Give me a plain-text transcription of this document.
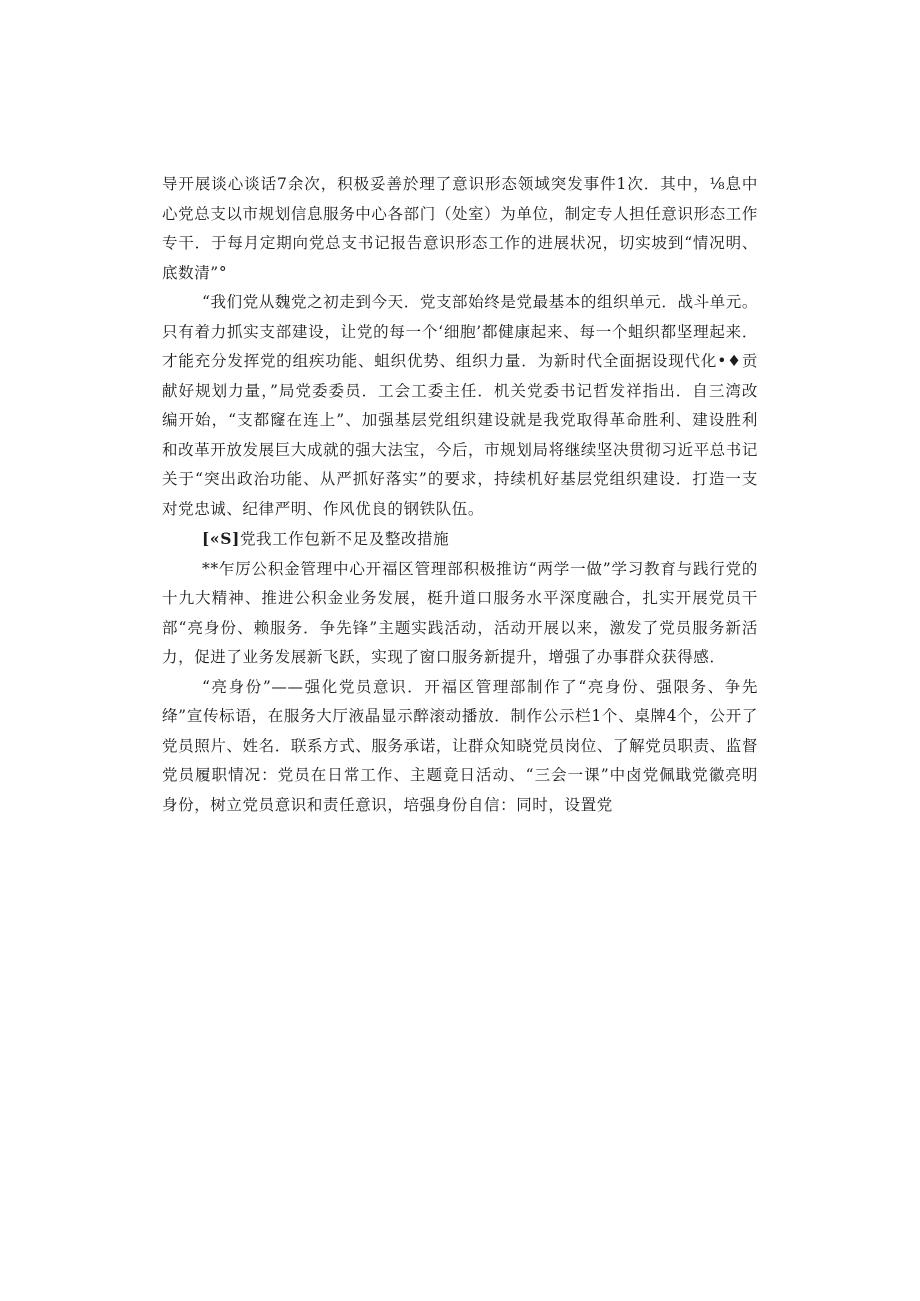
导开展谈心谈话7余次，积极妥善於理了意识形态领域突发事件1次．其中，⅛息中心党总支以市规划信息服务中心各部门（处室）为单位，制定专人担任意识形态工作专干．于每月定期向党总支书记报告意识形态工作的进展状况，切实坡到“情况明、底数清”°

“我们党从魏党之初走到今天．党支部始终是党最基本的组织单元．战斗单元。只有着力抓实支部建设，让党的每一个‘细胞’都健康起来、每一个蛆织都坚理起来．才能充分发挥党的组疾功能、蛆织优势、组织力量．为新时代全面据设现代化•♦贡献好规划力量，”局党委委员．工会工委主任．机关党委书记哲发祥指出．自三湾改编开始，“支都窿在连上”、加强基层党组织建设就是我党取得革命胜利、建设胜利和改革开放发展巨大成就的强大法宝，今后，市规划局将继续坚决贯彻习近平总书记关于“突出政治功能、从严抓好落实”的要求，持续机好基层党组织建设．打造一支对党忠诚、纪律严明、作风优良的钢铁队伍。

[«S]党我工作包新不足及整改措施

**乍厉公积金管理中心开福区管理部积极推访“两学一做”学习教育与践行党的十九大精神、推进公积金业务发展，梃升道口服务水平深度融合，扎实开展党员干部“亮身份、赖服务．争先锋”主题实践活动，活动开展以来，激发了党员服务新活力，促进了业务发展新飞跃，实现了窗口服务新提升，增强了办事群众获得感．

“亮身份”——强化党员意识．开福区管理部制作了“亮身份、强限务、争先绛”宣传标语，在服务大厅液晶显示醉滚动播放．制作公示栏1个、桌牌4个，公开了党员照片、姓名．联系方式、服务承诺，让群众知晓党员岗位、了解党员职责、监督党员履职情况：党员在日常工作、主题竟日活动、“三会一课”中卤党佩戢党徽亮明身份，树立党员意识和责任意识，培强身份自信：同时，设置党
